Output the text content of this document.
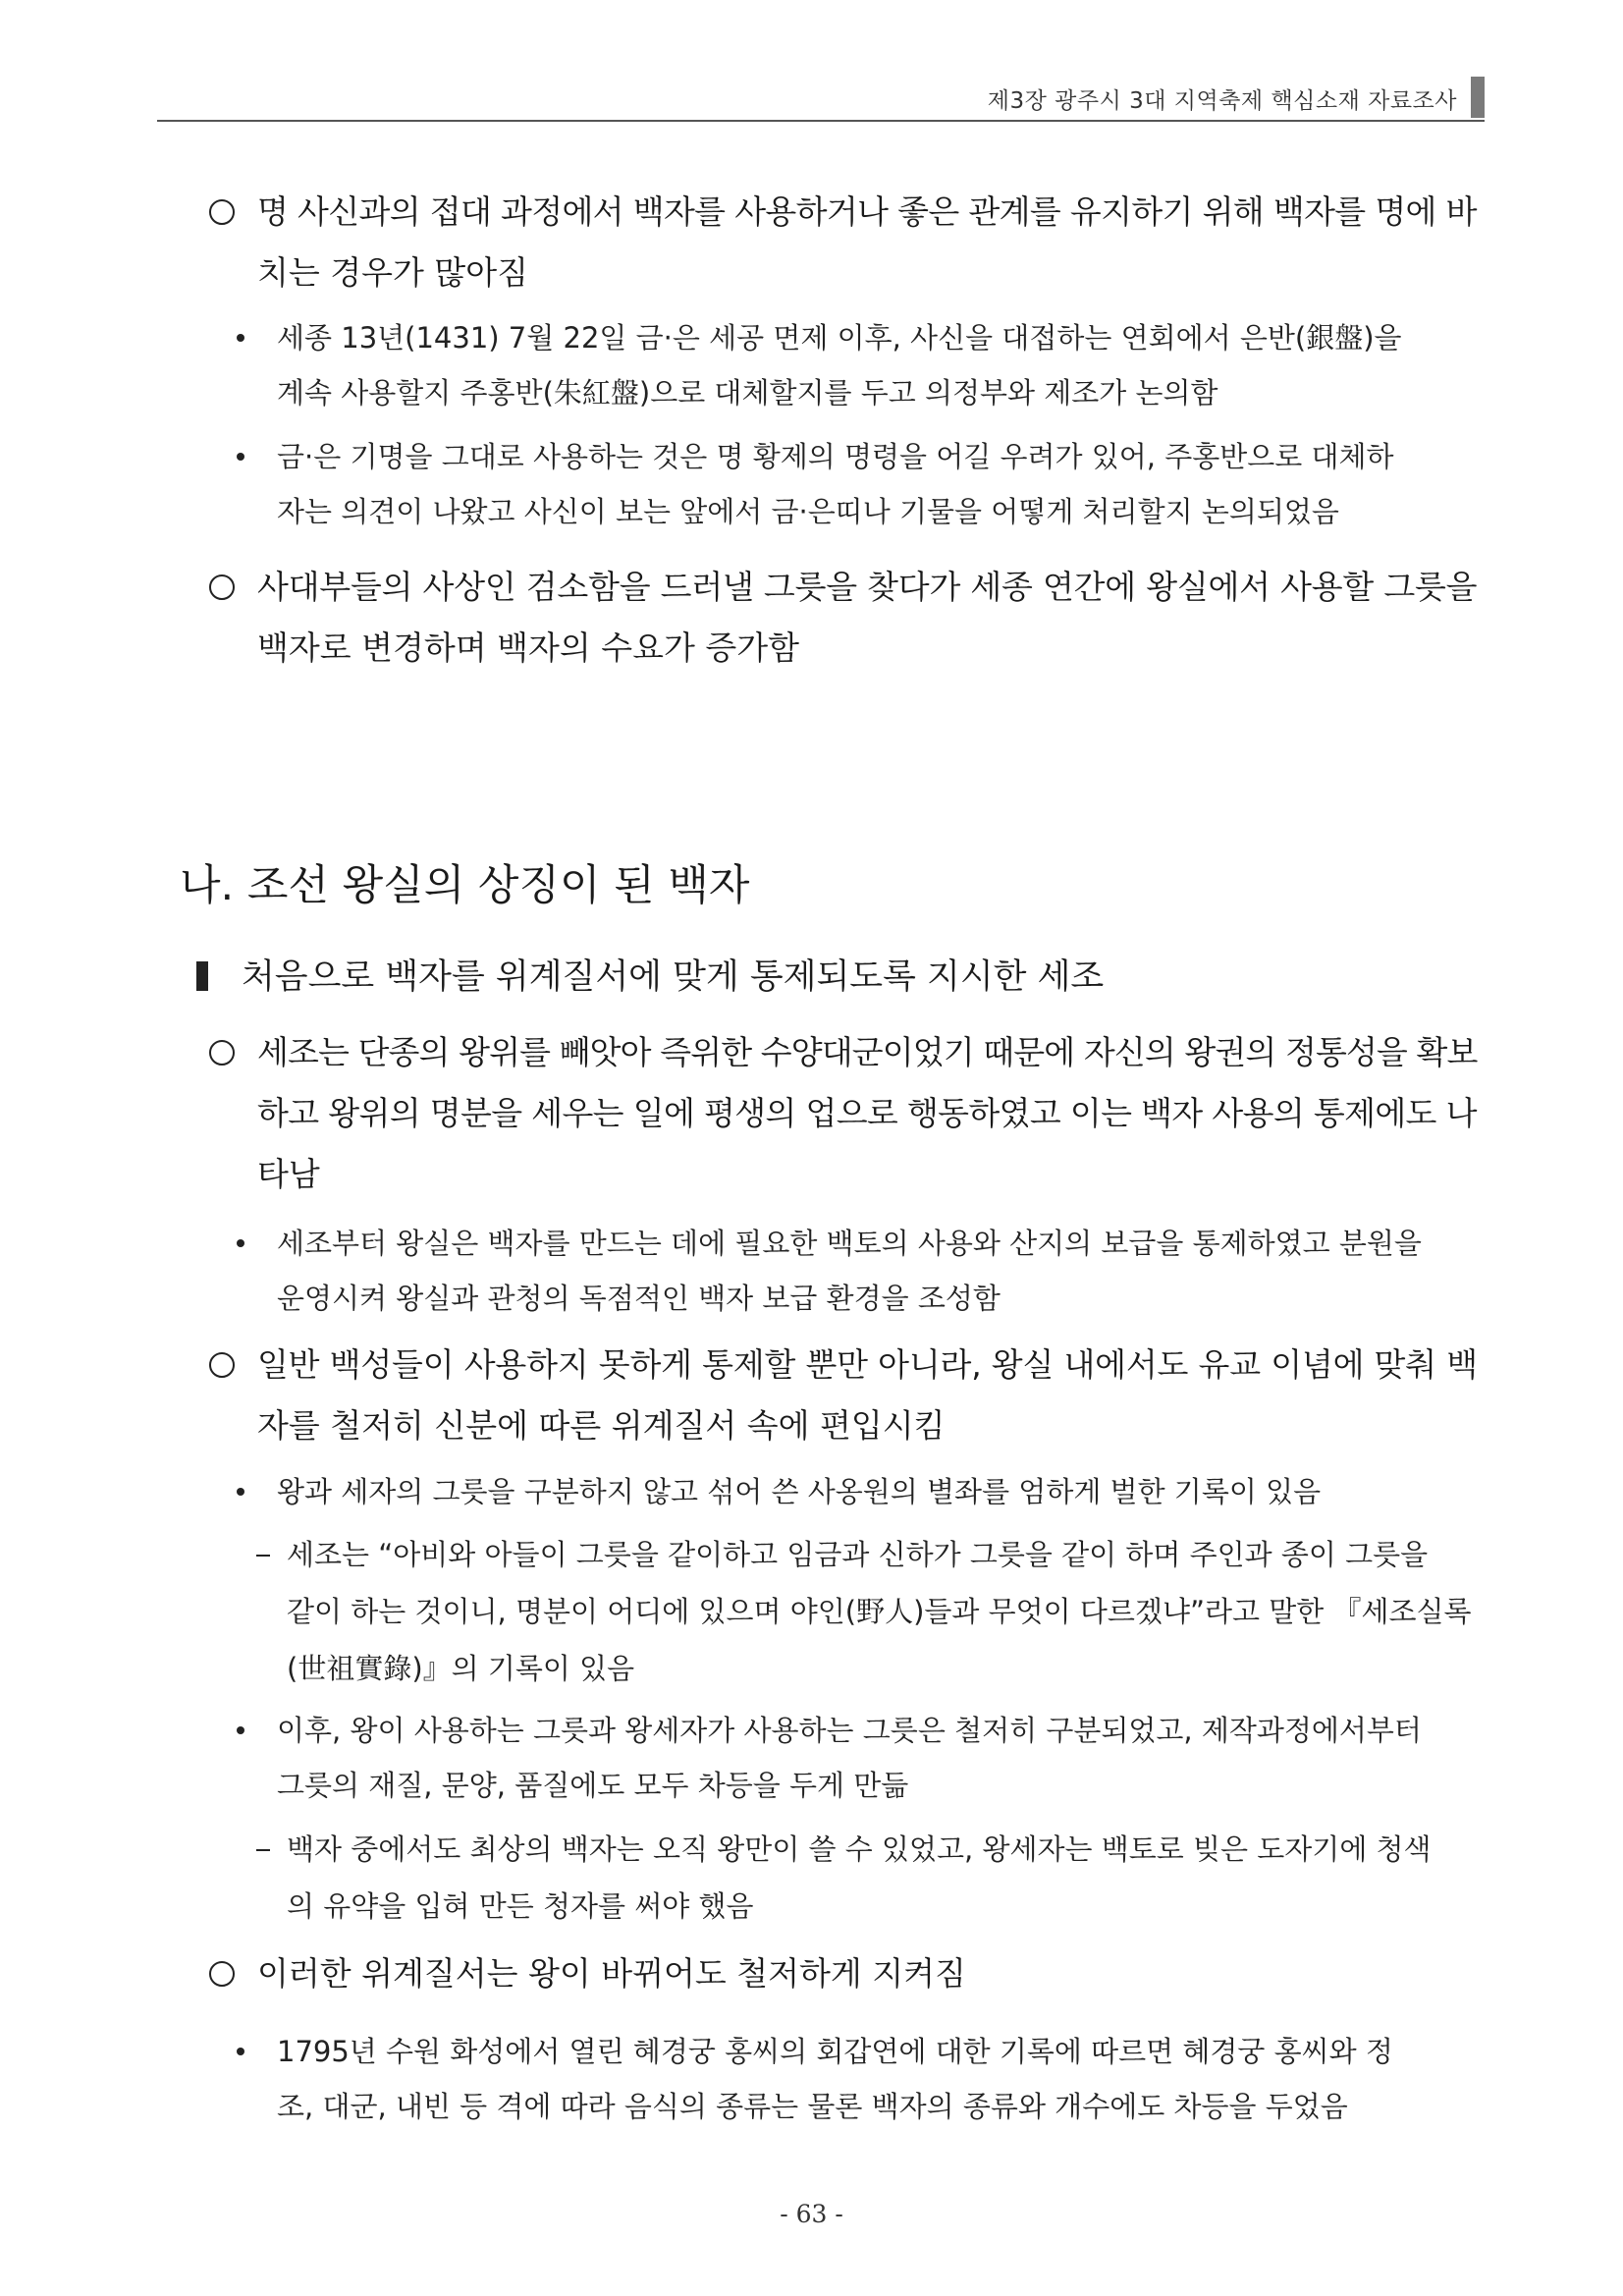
제3장 광주시 3대 지역축제 핵심소재 자료조사
명 사신과의 접대 과정에서 백자를 사용하거나 좋은 관계를 유지하기 위해 백자를 명에 바
치는 경우가 많아짐
세종 13년(1431) 7월 22일 금·은 세공 면제 이후, 사신을 대접하는 연회에서 은반(銀盤)을
계속 사용할지 주홍반(朱紅盤)으로 대체할지를 두고 의정부와 제조가 논의함
금·은 기명을 그대로 사용하는 것은 명 황제의 명령을 어길 우려가 있어, 주홍반으로 대체하
자는 의견이 나왔고 사신이 보는 앞에서 금·은띠나 기물을 어떻게 처리할지 논의되었음
사대부들의 사상인 검소함을 드러낼 그릇을 찾다가 세종 연간에 왕실에서 사용할 그릇을
백자로 변경하며 백자의 수요가 증가함
나. 조선 왕실의 상징이 된 백자
처음으로 백자를 위계질서에 맞게 통제되도록 지시한 세조
세조는 단종의 왕위를 빼앗아 즉위한 수양대군이었기 때문에 자신의 왕권의 정통성을 확보
하고 왕위의 명분을 세우는 일에 평생의 업으로 행동하였고 이는 백자 사용의 통제에도 나
타남
세조부터 왕실은 백자를 만드는 데에 필요한 백토의 사용와 산지의 보급을 통제하였고 분원을
운영시켜 왕실과 관청의 독점적인 백자 보급 환경을 조성함
일반 백성들이 사용하지 못하게 통제할 뿐만 아니라, 왕실 내에서도 유교 이념에 맞춰 백
자를 철저히 신분에 따른 위계질서 속에 편입시킴
왕과 세자의 그릇을 구분하지 않고 섞어 쓴 사옹원의 별좌를 엄하게 벌한 기록이 있음
세조는 “아비와 아들이 그릇을 같이하고 임금과 신하가 그릇을 같이 하며 주인과 종이 그릇을
같이 하는 것이니, 명분이 어디에 있으며 야인(野人)들과 무엇이 다르겠냐”라고 말한 『세조실록
(世祖實錄)』의 기록이 있음
이후, 왕이 사용하는 그릇과 왕세자가 사용하는 그릇은 철저히 구분되었고, 제작과정에서부터
그릇의 재질, 문양, 품질에도 모두 차등을 두게 만듦
백자 중에서도 최상의 백자는 오직 왕만이 쓸 수 있었고, 왕세자는 백토로 빚은 도자기에 청색
의 유약을 입혀 만든 청자를 써야 했음
이러한 위계질서는 왕이 바뀌어도 철저하게 지켜짐
1795년 수원 화성에서 열린 혜경궁 홍씨의 회갑연에 대한 기록에 따르면 혜경궁 홍씨와 정
조, 대군, 내빈 등 격에 따라 음식의 종류는 물론 백자의 종류와 개수에도 차등을 두었음
- 63 -
